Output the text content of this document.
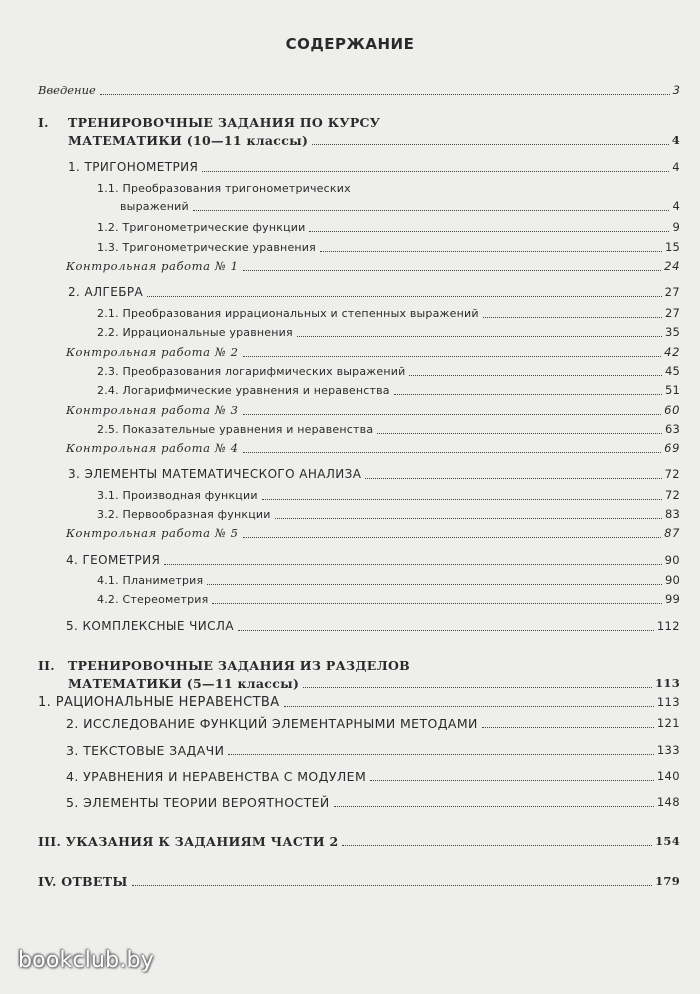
СОДЕРЖАНИЕ
Введение	3
I. ТРЕНИРОВОЧНЫЕ ЗАДАНИЯ ПО КУРСУ
МАТЕМАТИКИ (10—11 классы)	4
1. ТРИГОНОМЕТРИЯ	4
1.1. Преобразования тригонометрических
выражений	4
1.2. Тригонометрические функции	9
1.3. Тригонометрические уравнения	15
Контрольная работа № 1	24
2. АЛГЕБРА	27
2.1. Преобразования иррациональных и степенных выражений	27
2.2. Иррациональные уравнения	35
Контрольная работа № 2	42
2.3. Преобразования логарифмических выражений	45
2.4. Логарифмические уравнения и неравенства	51
Контрольная работа № 3	60
2.5. Показательные уравнения и неравенства	63
Контрольная работа № 4	69
3. ЭЛЕМЕНТЫ МАТЕМАТИЧЕСКОГО АНАЛИЗА	72
3.1. Производная функции	72
3.2. Первообразная функции	83
Контрольная работа № 5	87
4. ГЕОМЕТРИЯ	90
4.1. Планиметрия	90
4.2. Стереометрия	99
5. КОМПЛЕКСНЫЕ ЧИСЛА	112
II. ТРЕНИРОВОЧНЫЕ ЗАДАНИЯ ИЗ РАЗДЕЛОВ
МАТЕМАТИКИ (5—11 классы)	113
1. РАЦИОНАЛЬНЫЕ НЕРАВЕНСТВА	113
2. ИССЛЕДОВАНИЕ ФУНКЦИЙ ЭЛЕМЕНТАРНЫМИ МЕТОДАМИ	121
3. ТЕКСТОВЫЕ ЗАДАЧИ	133
4. УРАВНЕНИЯ И НЕРАВЕНСТВА С МОДУЛЕМ	140
5. ЭЛЕМЕНТЫ ТЕОРИИ ВЕРОЯТНОСТЕЙ	148
III. УКАЗАНИЯ К ЗАДАНИЯМ ЧАСТИ 2	154
IV. ОТВЕТЫ	179
bookclub.by
